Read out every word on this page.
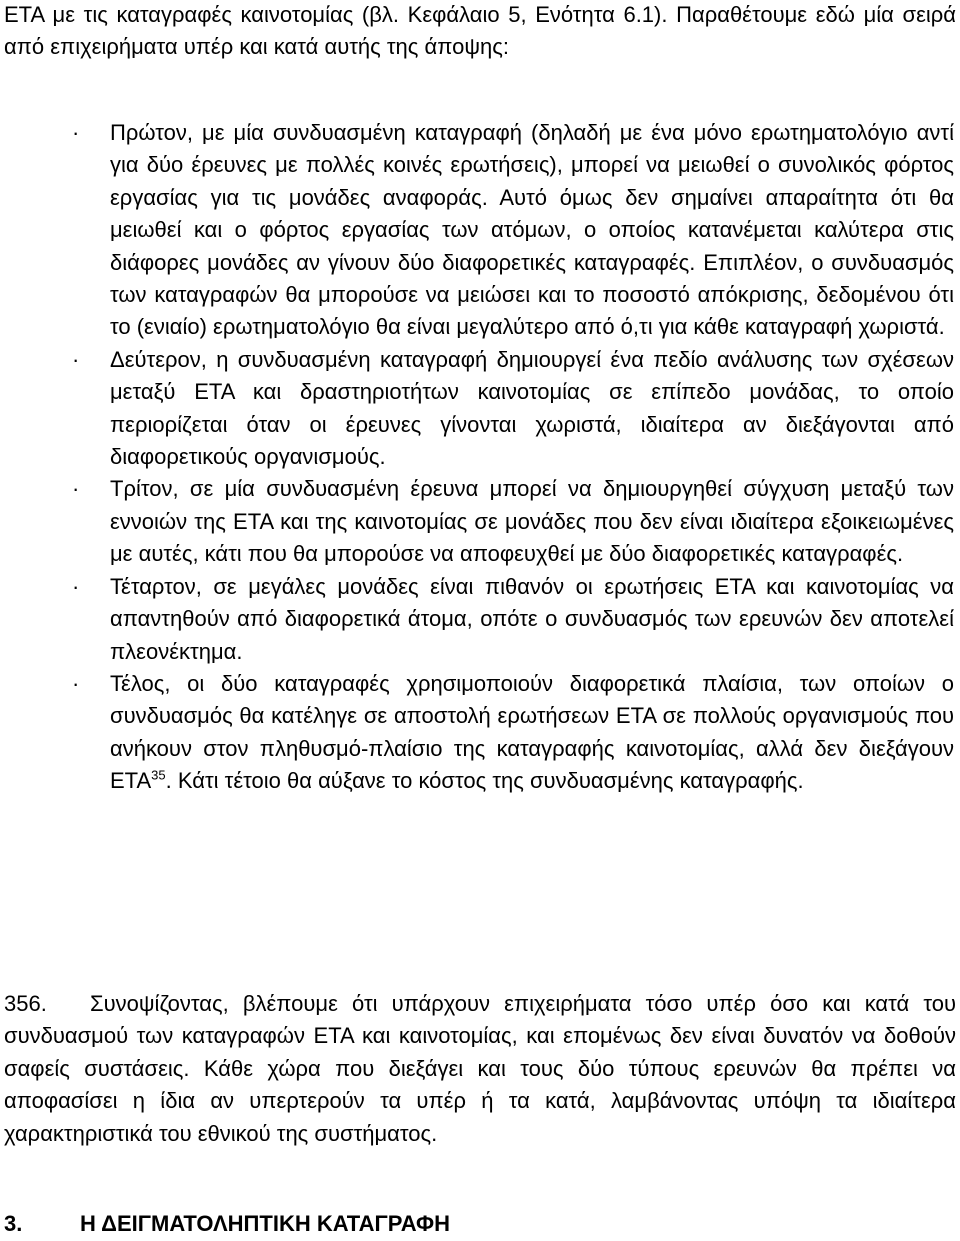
ΕΤΑ με τις καταγραφές καινοτομίας (βλ. Κεφάλαιο 5, Ενότητα 6.1). Παραθέτουμε εδώ μία σειρά από επιχειρήματα υπέρ και κατά αυτής της άποψης:

· Πρώτον, με μία συνδυασμένη καταγραφή (δηλαδή με ένα μόνο ερωτηματολόγιο αντί για δύο έρευνες με πολλές κοινές ερωτήσεις), μπορεί να μειωθεί ο συνολικός φόρτος εργασίας για τις μονάδες αναφοράς. Αυτό όμως δεν σημαίνει απαραίτητα ότι θα μειωθεί και ο φόρτος εργασίας των ατόμων, ο οποίος κατανέμεται καλύτερα στις διάφορες μονάδες αν γίνουν δύο διαφορετικές καταγραφές. Επιπλέον, ο συνδυασμός των καταγραφών θα μπορούσε να μειώσει και το ποσοστό απόκρισης, δεδομένου ότι το (ενιαίο) ερωτηματολόγιο θα είναι μεγαλύτερο από ό,τι για κάθε καταγραφή χωριστά.

· Δεύτερον, η συνδυασμένη καταγραφή δημιουργεί ένα πεδίο ανάλυσης των σχέσεων μεταξύ ΕΤΑ και δραστηριοτήτων καινοτομίας σε επίπεδο μονάδας, το οποίο περιορίζεται όταν οι έρευνες γίνονται χωριστά, ιδιαίτερα αν διεξάγονται από διαφορετικούς οργανισμούς.

· Τρίτον, σε μία συνδυασμένη έρευνα μπορεί να δημιουργηθεί σύγχυση μεταξύ των εννοιών της ΕΤΑ και της καινοτομίας σε μονάδες που δεν είναι ιδιαίτερα εξοικειωμένες με αυτές, κάτι που θα μπορούσε να αποφευχθεί με δύο διαφορετικές καταγραφές.

· Τέταρτον, σε μεγάλες μονάδες είναι πιθανόν οι ερωτήσεις ΕΤΑ και καινοτομίας να απαντηθούν από διαφορετικά άτομα, οπότε ο συνδυασμός των ερευνών δεν αποτελεί πλεονέκτημα.

· Τέλος, οι δύο καταγραφές χρησιμοποιούν διαφορετικά πλαίσια, των οποίων ο συνδυασμός θα κατέληγε σε αποστολή ερωτήσεων ΕΤΑ σε πολλούς οργανισμούς που ανήκουν στον πληθυσμό-πλαίσιο της καταγραφής καινοτομίας, αλλά δεν διεξάγουν ΕΤΑ$^{35}$. Κάτι τέτοιο θα αύξανε το κόστος της συνδυασμένης καταγραφής.

356. Συνοψίζοντας, βλέπουμε ότι υπάρχουν επιχειρήματα τόσο υπέρ όσο και κατά του συνδυασμού των καταγραφών ΕΤΑ και καινοτομίας, και επομένως δεν είναι δυνατόν να δοθούν σαφείς συστάσεις. Κάθε χώρα που διεξάγει και τους δύο τύπους ερευνών θα πρέπει να αποφασίσει η ίδια αν υπερτερούν τα υπέρ ή τα κατά, λαμβάνοντας υπόψη τα ιδιαίτερα χαρακτηριστικά του εθνικού της συστήματος.

3.	Η ΔΕΙΓΜΑΤΟΛΗΠΤΙΚΗ ΚΑΤΑΓΡΑΦΗ
